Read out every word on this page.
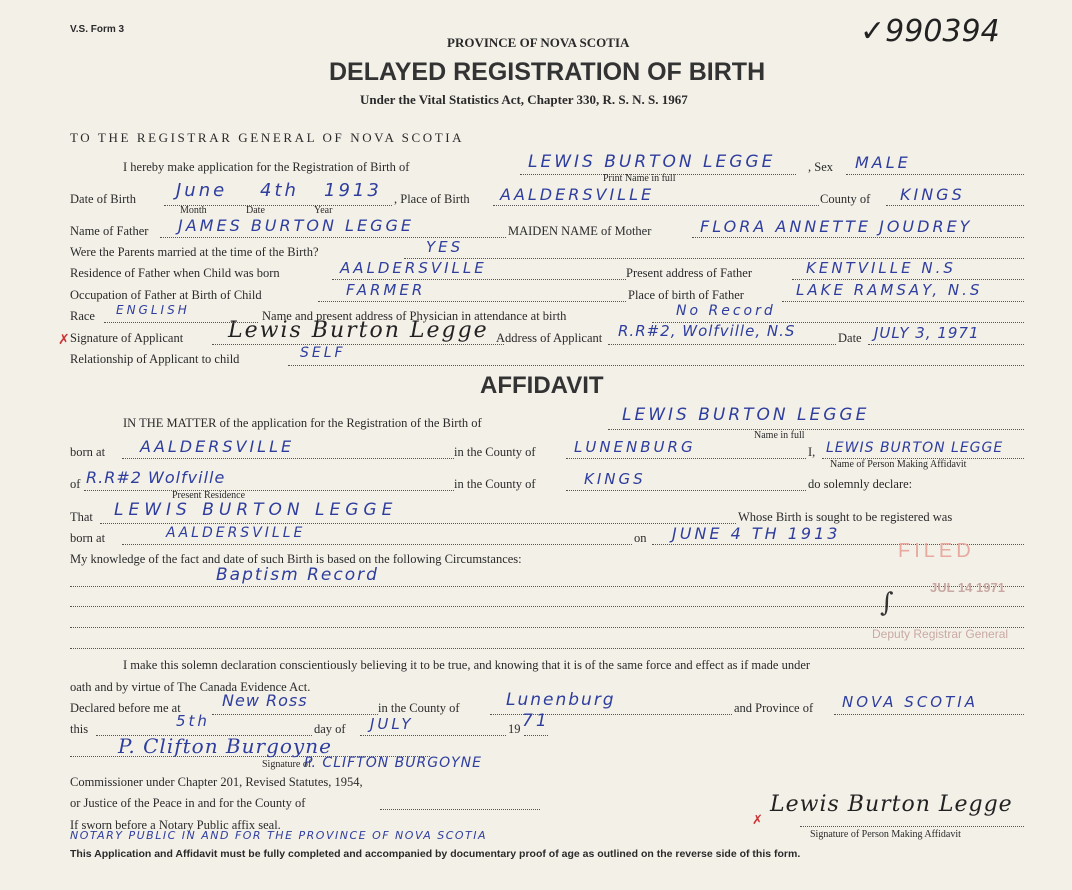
V.S. Form 3
PROVINCE OF NOVA SCOTIA
DELAYED REGISTRATION OF BIRTH
Under the Vital Statistics Act, Chapter 330, R. S. N. S. 1967
✓990394
TO THE REGISTRAR GENERAL OF NOVA SCOTIA
I hereby make application for the Registration of Birth of	LEWIS BURTON LEGGE
Print Name in full
, Sex MALE
Date of Birth June 4th 1913
Month	Date	Year
, Place of Birth AALDERSVILLE	County of KINGS
Name of Father JAMES BURTON LEGGE	MAIDEN NAME of Mother	FLORA ANNETTE JOUDREY
Were the Parents married at the time of the Birth?	YES
Residence of Father when Child was born	AALDERSVILLE	Present address of Father	KENTVILLE N.S
Occupation of Father at Birth of Child	FARMER	Place of birth of Father	LAKE RAMSAY, N.S
Race ENGLISH	Name and present address of Physician in attendance at birth	No Record
✗ Signature of Applicant Lewis Burton Legge Address of Applicant R.R#2, Wolfville, N.S	Date JULY 3, 1971
Relationship of Applicant to child	SELF
AFFIDAVIT
IN THE MATTER of the application for the Registration of the Birth of	LEWIS BURTON LEGGE
Name in full
born at AALDERSVILLE	in the County of	LUNENBURG	I, LEWIS BURTON LEGGE
Name of Person Making Affidavit
of R.R#2 Wolfville
Present Residence
in the County of	KINGS	do solemnly declare:
That LEWIS BURTON LEGGE	Whose Birth is sought to be registered was
born at	AALDERSVILLE	on JUNE 4 TH 1913
My knowledge of the fact and date of such Birth is based on the following Circumstances:
Baptism Record
FILED
JUL 14 1971
Deputy Registrar General
∫
I make this solemn declaration conscientiously believing it to be true, and knowing that it is of the same force and effect as if made under
oath and by virtue of The Canada Evidence Act.
Declared before me at	New Ross	in the County of	Lunenburg	and Province of NOVA SCOTIA
this	5th	day of JULY	19 71
P. Clifton Burgoyne
Signature of
P. CLIFTON BURGOYNE
Commissioner under Chapter 201, Revised Statutes, 1954,
or Justice of the Peace in and for the County of
If sworn before a Notary Public affix seal.
NOTARY PUBLIC IN AND FOR THE PROVINCE OF NOVA SCOTIA
✗
Lewis Burton Legge
Signature of Person Making Affidavit
This Application and Affidavit must be fully completed and accompanied by documentary proof of age as outlined on the reverse side of this form.
